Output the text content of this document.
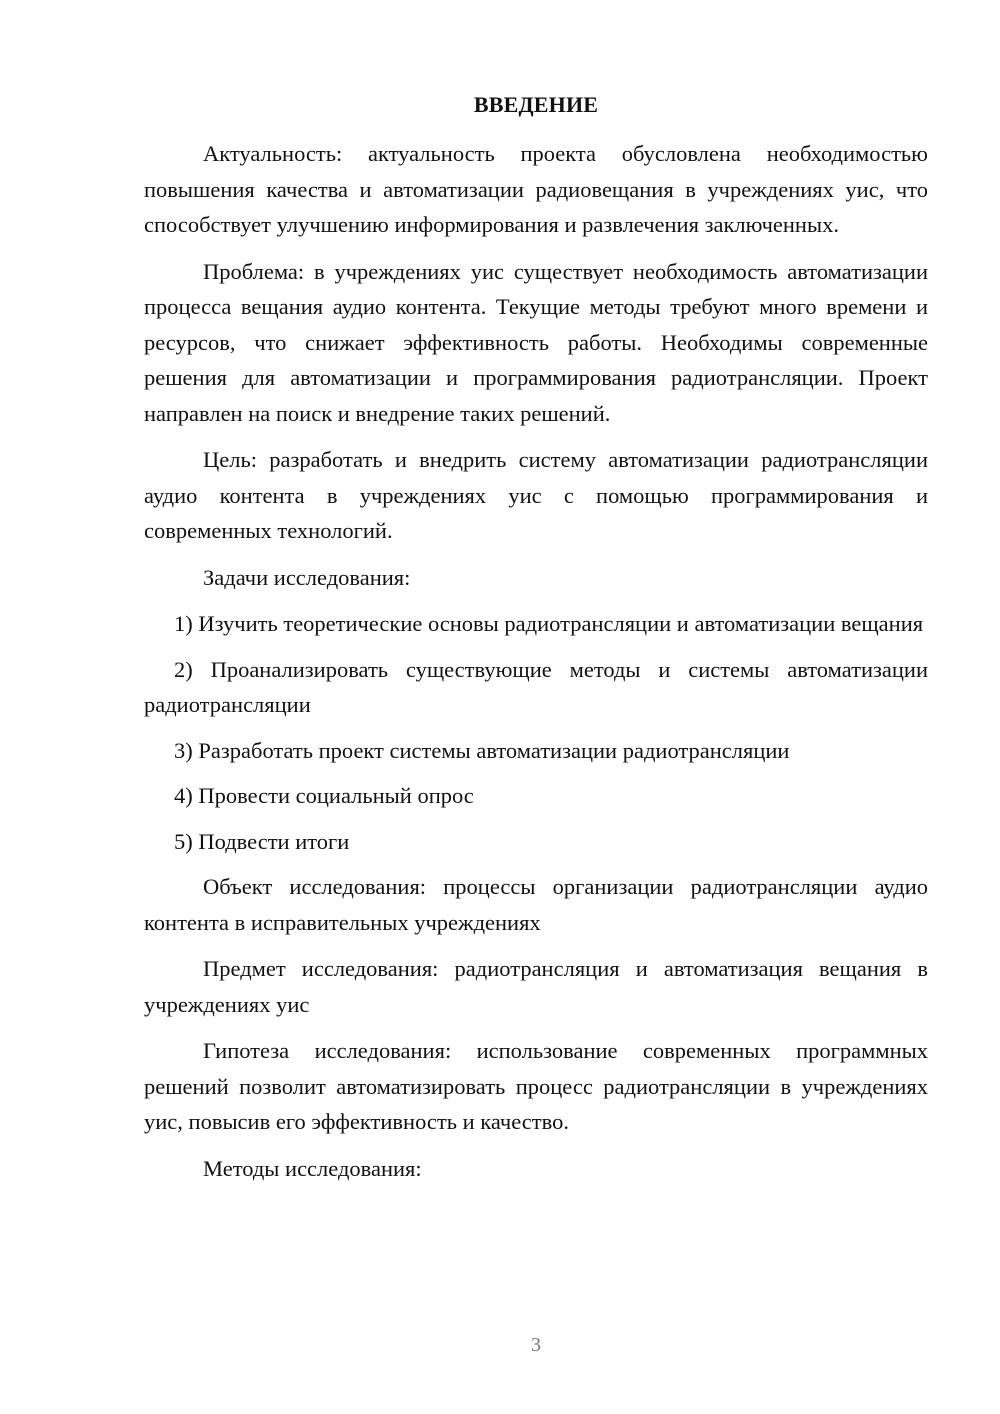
ВВЕДЕНИЕ

Актуальность: актуальность проекта обусловлена необходимостью повышения качества и автоматизации радиовещания в учреждениях уис, что способствует улучшению информирования и развлечения заключенных.

Проблема: в учреждениях уис существует необходимость автоматизации процесса вещания аудио контента. Текущие методы требуют много времени и ресурсов, что снижает эффективность работы. Необходимы современные решения для автоматизации и программирования радиотрансляции. Проект направлен на поиск и внедрение таких решений.

Цель: разработать и внедрить систему автоматизации радиотрансляции аудио контента в учреждениях уис с помощью программирования и современных технологий.

Задачи исследования:

1) Изучить теоретические основы радиотрансляции и автоматизации вещания

2) Проанализировать существующие методы и системы автоматизации радиотрансляции

3) Разработать проект системы автоматизации радиотрансляции

4) Провести социальный опрос

5) Подвести итоги

Объект исследования: процессы организации радиотрансляции аудио контента в исправительных учреждениях

Предмет исследования: радиотрансляция и автоматизация вещания в учреждениях уис

Гипотеза исследования: использование современных программных решений позволит автоматизировать процесс радиотрансляции в учреждениях уис, повысив его эффективность и качество.

Методы исследования:

3
